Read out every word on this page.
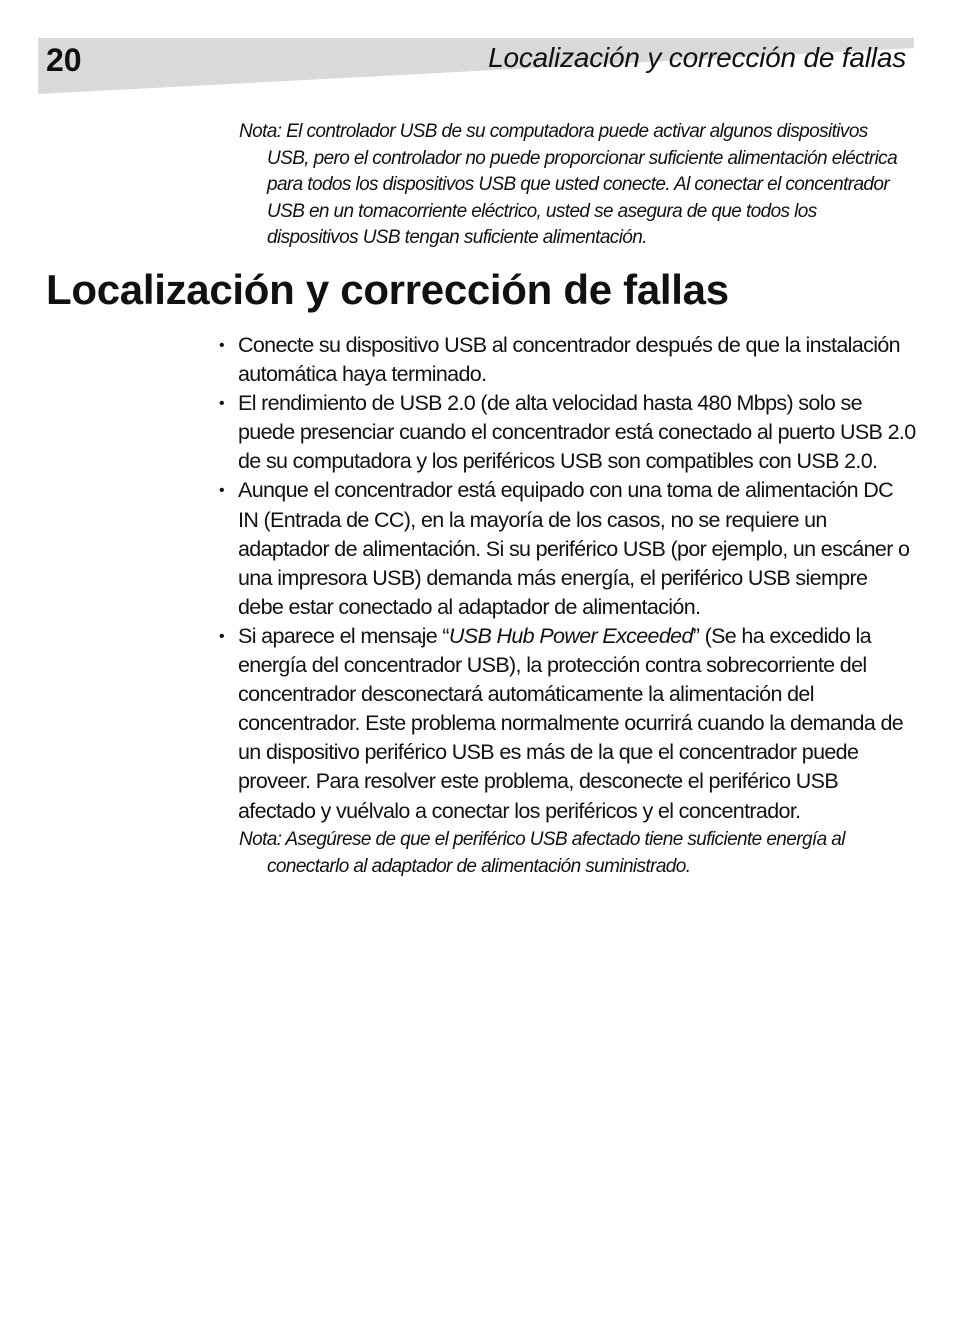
20	Localización y corrección de fallas
Nota: El controlador USB de su computadora puede activar algunos dispositivos USB, pero el controlador no puede proporcionar suficiente alimentación eléctrica para todos los dispositivos USB que usted conecte. Al conectar el concentrador USB en un tomacorriente eléctrico, usted se asegura de que todos los dispositivos USB tengan suficiente alimentación.
Localización y corrección de fallas
• Conecte su dispositivo USB al concentrador después de que la instalación automática haya terminado.
• El rendimiento de USB 2.0 (de alta velocidad hasta 480 Mbps) solo se puede presenciar cuando el concentrador está conectado al puerto USB 2.0 de su computadora y los periféricos USB son compatibles con USB 2.0.
• Aunque el concentrador está equipado con una toma de alimentación DC IN (Entrada de CC), en la mayoría de los casos, no se requiere un adaptador de alimentación. Si su periférico USB (por ejemplo, un escáner o una impresora USB) demanda más energía, el periférico USB siempre debe estar conectado al adaptador de alimentación.
• Si aparece el mensaje “USB Hub Power Exceeded” (Se ha excedido la energía del concentrador USB), la protección contra sobrecorriente del concentrador desconectará automáticamente la alimentación del concentrador. Este problema normalmente ocurrirá cuando la demanda de un dispositivo periférico USB es más de la que el concentrador puede proveer. Para resolver este problema, desconecte el periférico USB afectado y vuélvalo a conectar los periféricos y el concentrador.
Nota: Asegúrese de que el periférico USB afectado tiene suficiente energía al conectarlo al adaptador de alimentación suministrado.
